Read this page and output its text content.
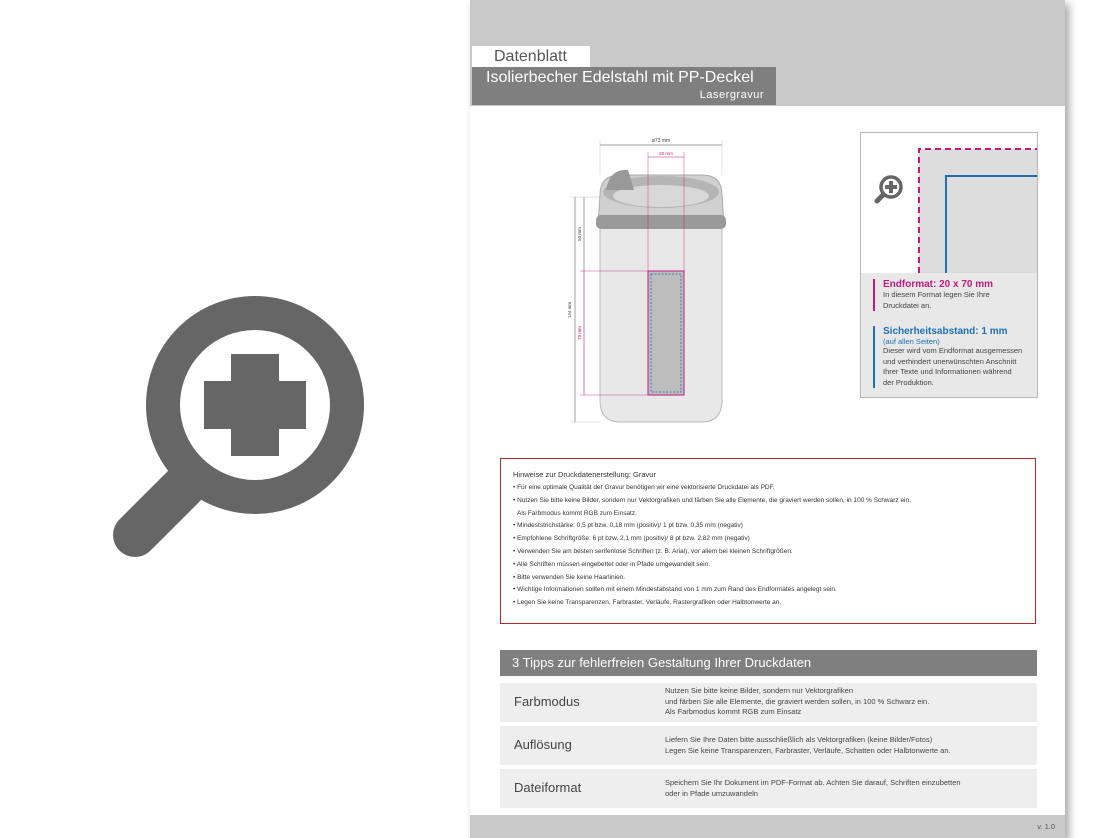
Datenblatt
Isolierbecher Edelstahl mit PP-Deckel
Lasergravur
ø73 mm
20 mm
144 mm
50 mm
70 mm
Endformat: 20 x 70 mm
In diesem Format legen Sie Ihre
Druckdatei an.
Sicherheitsabstand: 1 mm
(auf allen Seiten)
Dieser wird vom Endformat ausgemessen
und verhindert unerwünschten Anschnitt
Ihrer Texte und Informationen während
der Produktion.
Hinweise zur Druckdatenerstellung: Gravur
• Für eine optimale Qualität der Gravur benötigen wir eine vektorisierte Druckdatei als PDF.
• Nutzen Sie bitte keine Bilder, sondern nur Vektorgrafiken und färben Sie alle Elemente, die graviert werden sollen, in 100 % Schwarz ein.
Als Farbmodus kommt RGB zum Einsatz.
• Mindeststrichstärke: 0,5 pt bzw. 0,18 mm (positiv)/ 1 pt bzw. 0,35 mm (negativ)
• Empfohlene Schriftgröße: 6 pt bzw. 2,1 mm (positiv)/ 8 pt bzw. 2,82 mm (negativ)
• Verwenden Sie am besten serifenlose Schriften (z. B. Arial), vor allem bei kleinen Schriftgrößen.
• Alle Schriften müssen eingebettet oder in Pfade umgewandelt sein.
• Bitte verwenden Sie keine Haarlinien.
• Wichtige Informationen sollten mit einem Mindestabstand von 1 mm zum Rand des Endformates angelegt sein.
• Legen Sie keine Transparenzen, Farbraster, Verläufe, Rastergrafiken oder Halbtonwerte an.
3 Tipps zur fehlerfreien Gestaltung Ihrer Druckdaten
Farbmodus
Nutzen Sie bitte keine Bilder, sondern nur Vektorgrafiken
und färben Sie alle Elemente, die graviert werden sollen, in 100 % Schwarz ein.
Als Farbmodus kommt RGB zum Einsatz
Auflösung	Liefern Sie Ihre Daten bitte ausschließlich als Vektorgrafiken (keine Bilder/Fotos)
Legen Sie keine Transparenzen, Farbraster, Verläufe, Schatten oder Halbtonwerte an.
Dateiformat	Speichern Sie Ihr Dokument im PDF-Format ab. Achten Sie darauf, Schriften einzubetten
oder in Pfade umzuwandeln
v. 1.0
